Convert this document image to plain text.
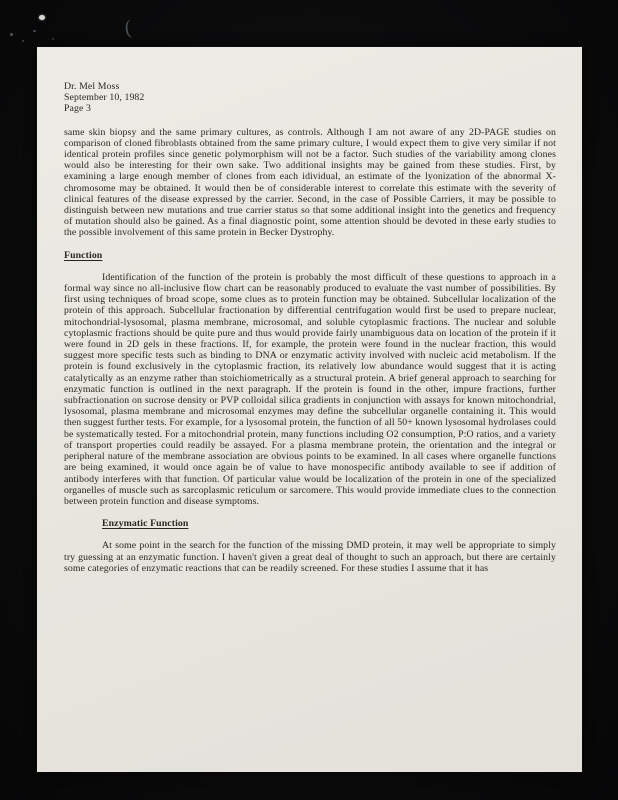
(
Dr. Mel Moss
September 10, 1982
Page 3

same skin biopsy and the same primary cultures, as controls. Although I am not aware of any 2D-PAGE studies on comparison of cloned fibroblasts obtained from the same primary culture, I would expect them to give very similar if not identical protein profiles since genetic polymorphism will not be a factor. Such studies of the variability among clones would also be interesting for their own sake. Two additional insights may be gained from these studies. First, by examining a large enough member of clones from each idividual, an estimate of the lyonization of the abnormal X-chromosome may be obtained. It would then be of considerable interest to correlate this estimate with the severity of clinical features of the disease expressed by the carrier. Second, in the case of Possible Carriers, it may be possible to distinguish between new mutations and true carrier status so that some additional insight into the genetics and frequency of mutation should also be gained. As a final diagnostic point, some attention should be devoted in these early studies to the possible involvement of this same protein in Becker Dystrophy.

Function

Identification of the function of the protein is probably the most difficult of these questions to approach in a formal way since no all-inclusive flow chart can be reasonably produced to evaluate the vast number of possibilities. By first using techniques of broad scope, some clues as to protein function may be obtained. Subcellular localization of the protein of this approach. Subcellular fractionation by differential centrifugation would first be used to prepare nuclear, mitochondrial-lysosomal, plasma membrane, microsomal, and soluble cytoplasmic fractions. The nuclear and soluble cytoplasmic fractions should be quite pure and thus would provide fairly unambiguous data on location of the protein if it were found in 2D gels in these fractions. If, for example, the protein were found in the nuclear fraction, this would suggest more specific tests such as binding to DNA or enzymatic activity involved with nucleic acid metabolism. If the protein is found exclusively in the cytoplasmic fraction, its relatively low abundance would suggest that it is acting catalytically as an enzyme rather than stoichiometrically as a structural protein. A brief general approach to searching for enzymatic function is outlined in the next paragraph. If the protein is found in the other, impure fractions, further subfractionation on sucrose density or PVP colloidal silica gradients in conjunction with assays for known mitochondrial, lysosomal, plasma membrane and microsomal enzymes may define the subcellular organelle containing it. This would then suggest further tests. For example, for a lysosomal protein, the function of all 50+ known lysosomal hydrolases could be systematically tested. For a mitochondrial protein, many functions including O2 consumption, P:O ratios, and a variety of transport properties could readily be assayed. For a plasma membrane protein, the orientation and the integral or peripheral nature of the membrane association are obvious points to be examined. In all cases where organelle functions are being examined, it would once again be of value to have monospecific antibody available to see if addition of antibody interferes with that function. Of particular value would be localization of the protein in one of the specialized organelles of muscle such as sarcoplasmic reticulum or sarcomere. This would provide immediate clues to the connection between protein function and disease symptoms.

Enzymatic Function

At some point in the search for the function of the missing DMD protein, it may well be appropriate to simply try guessing at an enzymatic function. I haven't given a great deal of thought to such an approach, but there are certainly some categories of enzymatic reactions that can be readily screened. For these studies I assume that it has
